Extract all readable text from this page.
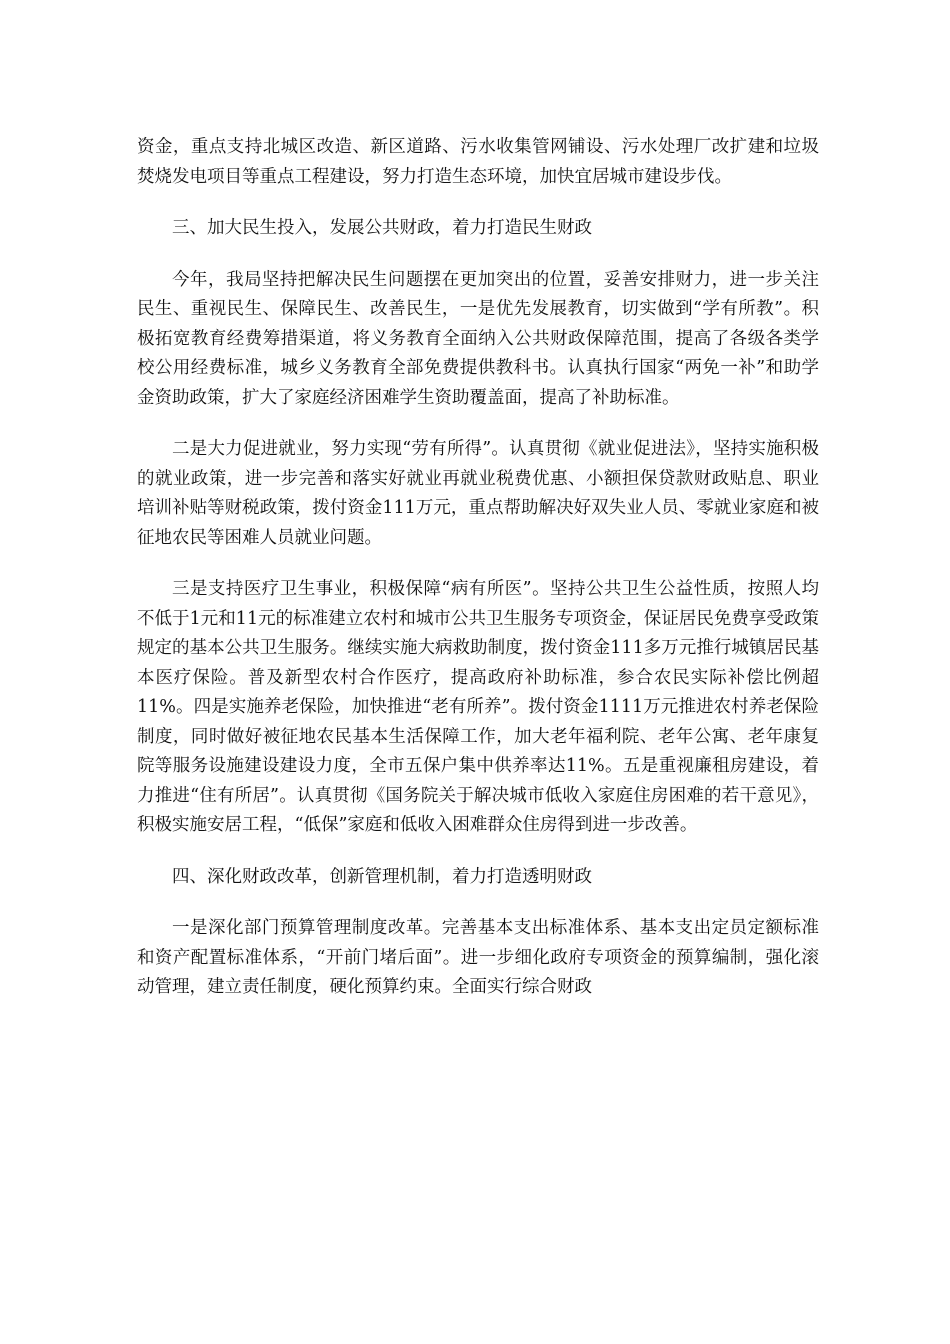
资金，重点支持北城区改造、新区道路、污水收集管网铺设、污水处理厂改扩建和垃圾焚烧发电项目等重点工程建设，努力打造生态环境，加快宜居城市建设步伐。

三、加大民生投入，发展公共财政，着力打造民生财政

今年，我局坚持把解决民生问题摆在更加突出的位置，妥善安排财力，进一步关注民生、重视民生、保障民生、改善民生，一是优先发展教育，切实做到“学有所教”。积极拓宽教育经费筹措渠道，将义务教育全面纳入公共财政保障范围，提高了各级各类学校公用经费标准，城乡义务教育全部免费提供教科书。认真执行国家“两免一补”和助学金资助政策，扩大了家庭经济困难学生资助覆盖面，提高了补助标准。

二是大力促进就业，努力实现“劳有所得”。认真贯彻《就业促进法》，坚持实施积极的就业政策，进一步完善和落实好就业再就业税费优惠、小额担保贷款财政贴息、职业培训补贴等财税政策，拨付资金111万元，重点帮助解决好双失业人员、零就业家庭和被征地农民等困难人员就业问题。

三是支持医疗卫生事业，积极保障“病有所医”。坚持公共卫生公益性质，按照人均不低于1元和11元的标准建立农村和城市公共卫生服务专项资金，保证居民免费享受政策规定的基本公共卫生服务。继续实施大病救助制度，拨付资金111多万元推行城镇居民基本医疗保险。普及新型农村合作医疗，提高政府补助标准，参合农民实际补偿比例超11%。四是实施养老保险，加快推进“老有所养”。拨付资金1111万元推进农村养老保险制度，同时做好被征地农民基本生活保障工作，加大老年福利院、老年公寓、老年康复院等服务设施建设建设力度，全市五保户集中供养率达11%。五是重视廉租房建设，着力推进“住有所居”。认真贯彻《国务院关于解决城市低收入家庭住房困难的若干意见》，积极实施安居工程，“低保”家庭和低收入困难群众住房得到进一步改善。

四、深化财政改革，创新管理机制，着力打造透明财政

一是深化部门预算管理制度改革。完善基本支出标准体系、基本支出定员定额标准和资产配置标准体系，“开前门堵后面”。进一步细化政府专项资金的预算编制，强化滚动管理，建立责任制度，硬化预算约束。全面实行综合财政
